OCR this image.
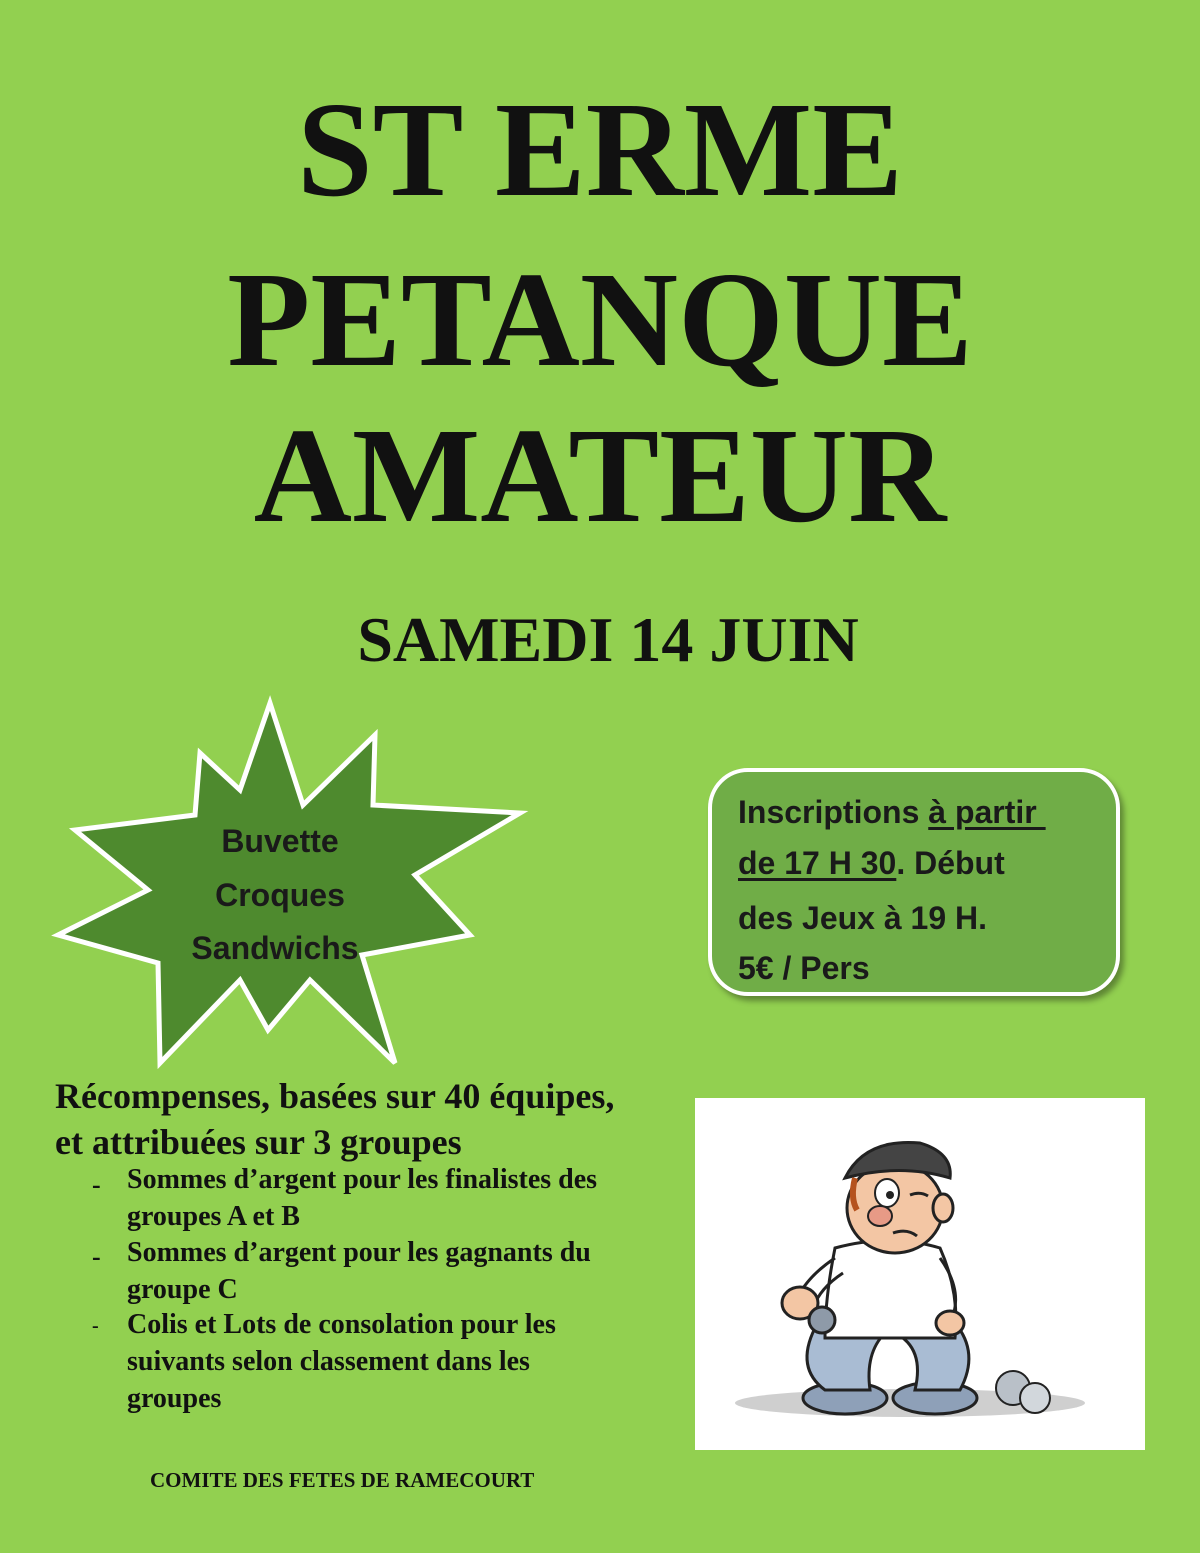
ST ERME
PETANQUE
AMATEUR
SAMEDI 14 JUIN
Buvette
Croques
Sandwichs
Inscriptions à partir
de 17 H 30. Début
des Jeux à 19 H.
5€ / Pers

Récompenses, basées sur 40 équipes,

et attribuées sur 3 groupes

- Sommes d’argent pour les finalistes des
groupes A et B
- Sommes d’argent pour les gagnants du
groupe C
- Colis et Lots de consolation pour les
suivants selon classement dans les
groupes
COMITE DES FETES DE RAMECOURT
